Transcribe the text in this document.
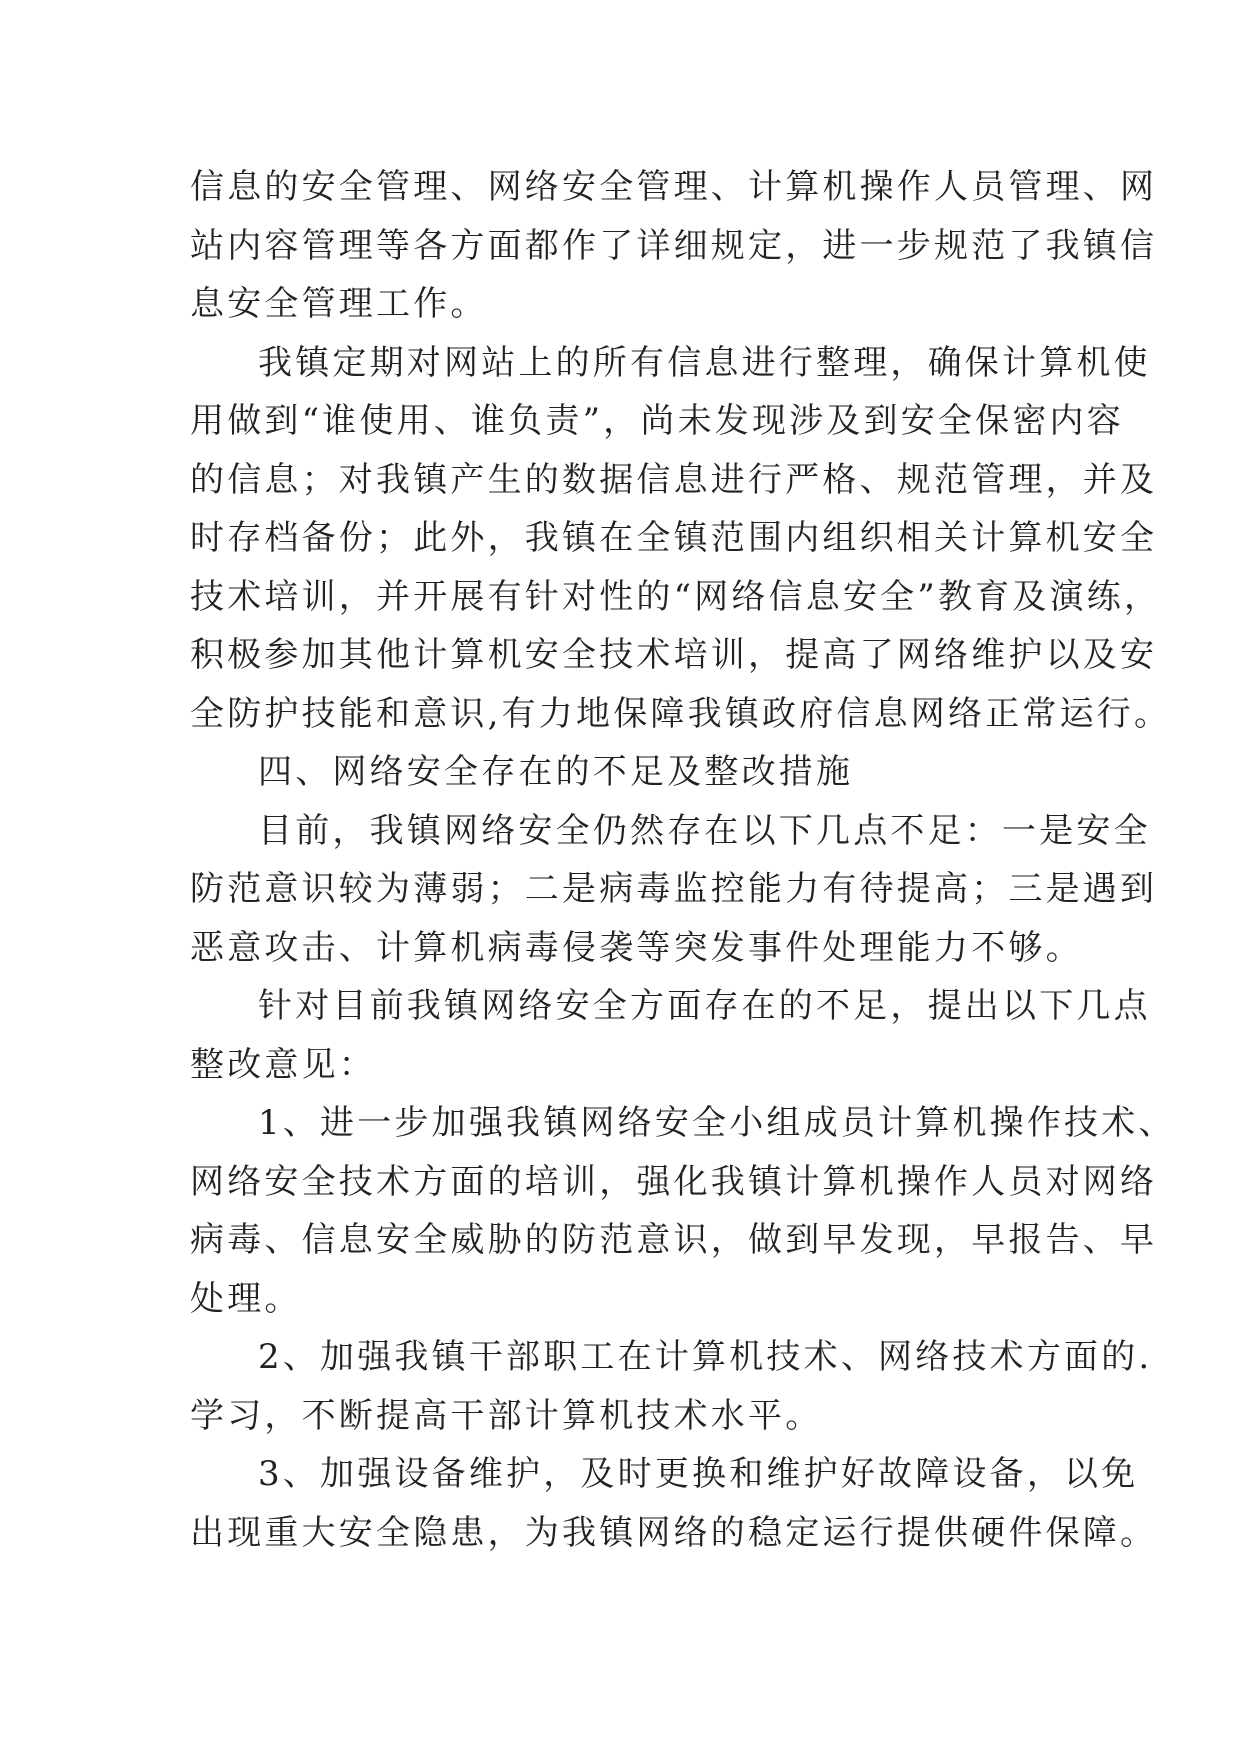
信息的安全管理、网络安全管理、计算机操作人员管理、网
站内容管理等各方面都作了详细规定，进一步规范了我镇信
息安全管理工作。

我镇定期对网站上的所有信息进行整理，确保计算机使
用做到“谁使用、谁负责”，尚未发现涉及到安全保密内容
的信息；对我镇产生的数据信息进行严格、规范管理，并及
时存档备份；此外，我镇在全镇范围内组织相关计算机安全
技术培训，并开展有针对性的“网络信息安全”教育及演练，
积极参加其他计算机安全技术培训，提高了网络维护以及安
全防护技能和意识,有力地保障我镇政府信息网络正常运行。

四、网络安全存在的不足及整改措施

目前，我镇网络安全仍然存在以下几点不足：一是安全
防范意识较为薄弱；二是病毒监控能力有待提高；三是遇到
恶意攻击、计算机病毒侵袭等突发事件处理能力不够。

针对目前我镇网络安全方面存在的不足，提出以下几点
整改意见：

1、进一步加强我镇网络安全小组成员计算机操作技术、
网络安全技术方面的培训，强化我镇计算机操作人员对网络
病毒、信息安全威胁的防范意识，做到早发现，早报告、早
处理。

2、加强我镇干部职工在计算机技术、网络技术方面的.
学习，不断提高干部计算机技术水平。

3、加强设备维护，及时更换和维护好故障设备，以免
出现重大安全隐患，为我镇网络的稳定运行提供硬件保障。
